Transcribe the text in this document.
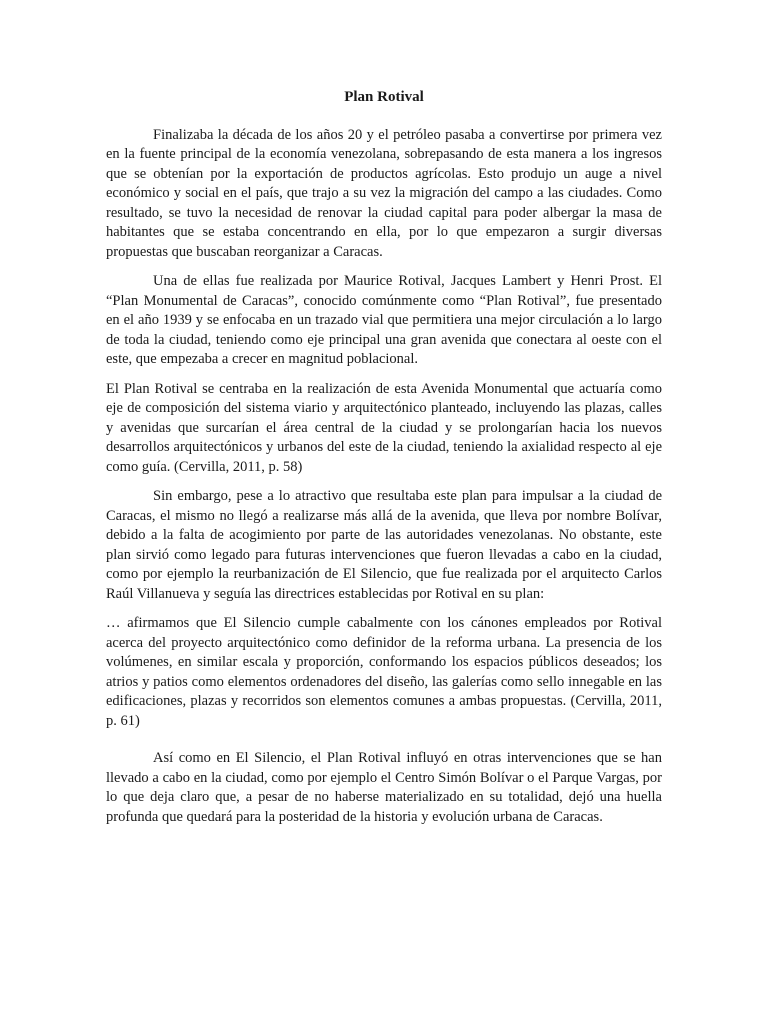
Plan Rotival

Finalizaba la década de los años 20 y el petróleo pasaba a convertirse por primera vez en la fuente principal de la economía venezolana, sobrepasando de esta manera a los ingresos que se obtenían por la exportación de productos agrícolas. Esto produjo un auge a nivel económico y social en el país, que trajo a su vez la migración del campo a las ciudades. Como resultado, se tuvo la necesidad de renovar la ciudad capital para poder albergar la masa de habitantes que se estaba concentrando en ella, por lo que empezaron a surgir diversas propuestas que buscaban reorganizar a Caracas.

Una de ellas fue realizada por Maurice Rotival, Jacques Lambert y Henri Prost. El “Plan Monumental de Caracas”, conocido comúnmente como “Plan Rotival”, fue presentado en el año 1939 y se enfocaba en un trazado vial que permitiera una mejor circulación a lo largo de toda la ciudad, teniendo como eje principal una gran avenida que conectara al oeste con el este, que empezaba a crecer en magnitud poblacional.

El Plan Rotival se centraba en la realización de esta Avenida Monumental que actuaría como eje de composición del sistema viario y arquitectónico planteado, incluyendo las plazas, calles y avenidas que surcarían el área central de la ciudad y se prolongarían hacia los nuevos desarrollos arquitectónicos y urbanos del este de la ciudad, teniendo la axialidad respecto al eje como guía. (Cervilla, 2011, p. 58)

Sin embargo, pese a lo atractivo que resultaba este plan para impulsar a la ciudad de Caracas, el mismo no llegó a realizarse más allá de la avenida, que lleva por nombre Bolívar, debido a la falta de acogimiento por parte de las autoridades venezolanas. No obstante, este plan sirvió como legado para futuras intervenciones que fueron llevadas a cabo en la ciudad, como por ejemplo la reurbanización de El Silencio, que fue realizada por el arquitecto Carlos Raúl Villanueva y seguía las directrices establecidas por Rotival en su plan:

… afirmamos que El Silencio cumple cabalmente con los cánones empleados por Rotival acerca del proyecto arquitectónico como definidor de la reforma urbana. La presencia de los volúmenes, en similar escala y proporción, conformando los espacios públicos deseados; los atrios y patios como elementos ordenadores del diseño, las galerías como sello innegable en las edificaciones, plazas y recorridos son elementos comunes a ambas propuestas. (Cervilla, 2011, p. 61)

Así como en El Silencio, el Plan Rotival influyó en otras intervenciones que se han llevado a cabo en la ciudad, como por ejemplo el Centro Simón Bolívar o el Parque Vargas, por lo que deja claro que, a pesar de no haberse materializado en su totalidad, dejó una huella profunda que quedará para la posteridad de la historia y evolución urbana de Caracas.
